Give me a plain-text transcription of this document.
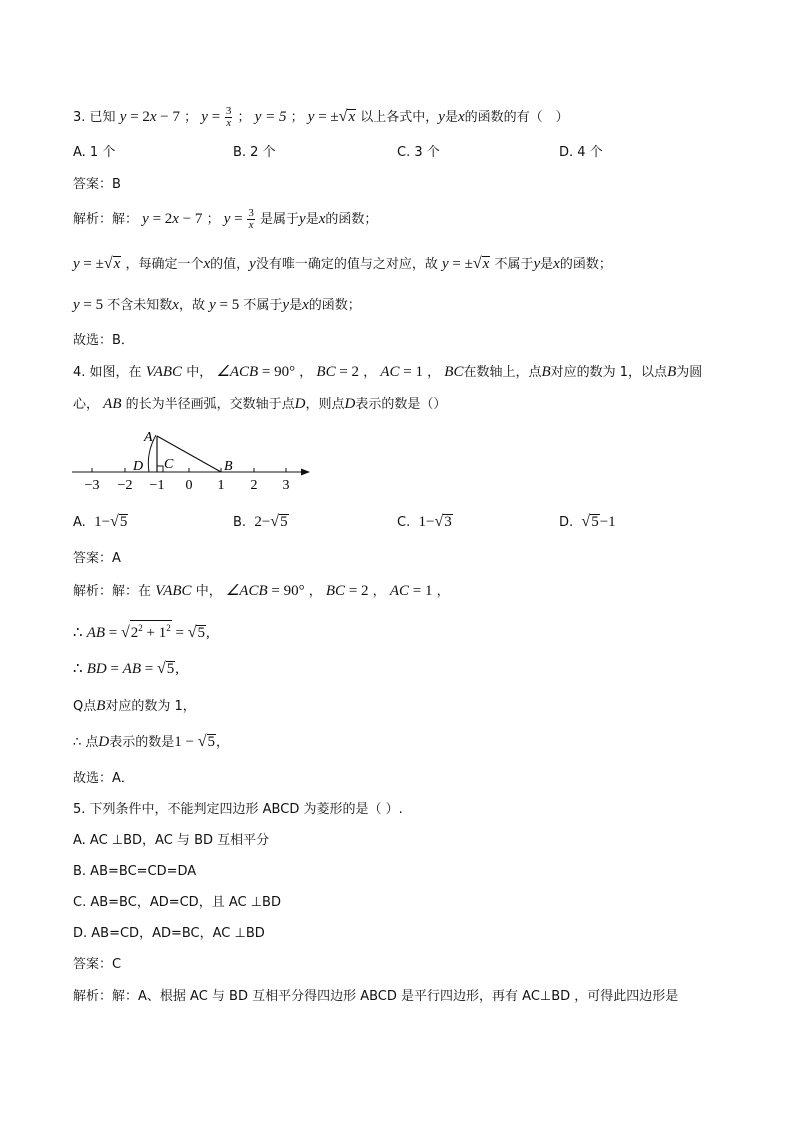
3. 已知 y = 2x − 7 ； $y = \frac{3}{x}$ ； y = 5 ； y = ±√x 以上各式中，y是x的函数的有（　）
A. 1 个	B. 2 个	C. 3 个	D. 4 个
答案：B
解析：解： y = 2x − 7 ； $y = \frac{3}{x}$ 是属于y是x的函数；
y = ±√x ，每确定一个x的值，y没有唯一确定的值与之对应，故 y = ±√x 不属于y是x的函数；
y = 5 不含未知数x，故 y = 5 不属于y是x的函数；
故选：B．
4. 如图，在 VABC 中， ∠ACB = 90° ， BC = 2 ， AC = 1 ， BC在数轴上，点B对应的数为 1，以点B为圆
心， AB 的长为半径画弧，交数轴于点D，则点D表示的数是（）
A
B
C
D
−3 −2 −1 0 1 2 3
A. 1−√5	B. 2−√5	C. 1−√3	D. √5−1
答案：A
解析：解：在 VABC 中， ∠ACB = 90° ， BC = 2 ， AC = 1 ，
∴ AB = $√2^2 + 1^2 = √5$,
∴ BD = AB = √5,
Q点B对应的数为 1，
∴ 点D表示的数是1 − √5，
故选：A．
5. 下列条件中，不能判定四边形 ABCD 为菱形的是（ ）.
A. AC ⊥BD，AC 与 BD 互相平分
B. AB=BC=CD=DA
C. AB=BC，AD=CD，且 AC ⊥BD
D. AB=CD，AD=BC，AC ⊥BD
答案：C
解析：解：A、根据 AC 与 BD 互相平分得四边形 ABCD 是平行四边形，再有 AC⊥BD ，可得此四边形是
